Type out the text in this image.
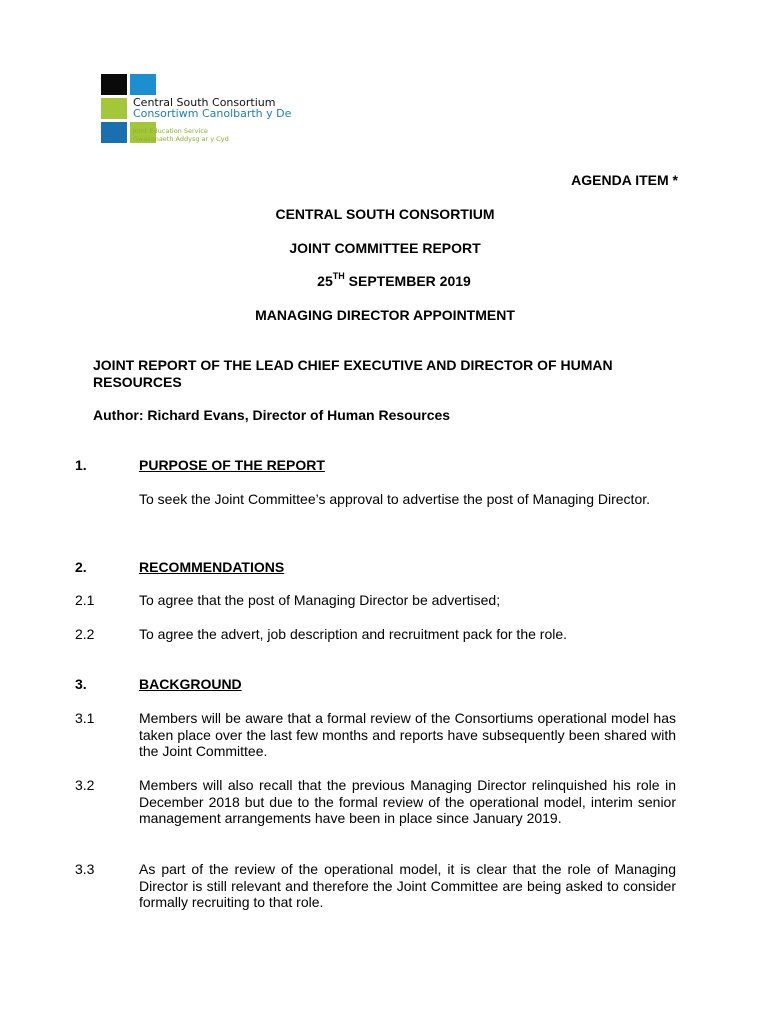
Central South Consortium
Consortiwm Canolbarth y De
Joint Education Service
Gwasanaeth Addysg ar y Cyd
AGENDA ITEM *
CENTRAL SOUTH CONSORTIUM
JOINT COMMITTEE REPORT
25TH SEPTEMBER 2019
MANAGING DIRECTOR APPOINTMENT
JOINT REPORT OF THE LEAD CHIEF EXECUTIVE AND DIRECTOR OF HUMAN RESOURCES
Author: Richard Evans, Director of Human Resources
1.	PURPOSE OF THE REPORT
To seek the Joint Committee’s approval to advertise the post of Managing Director.
2.	RECOMMENDATIONS
2.1	To agree that the post of Managing Director be advertised;
2.2	To agree the advert, job description and recruitment pack for the role.
3.	BACKGROUND
3.1	Members will be aware that a formal review of the Consortiums operational model has taken place over the last few months and reports have subsequently been shared with the Joint Committee.
3.2	Members will also recall that the previous Managing Director relinquished his role in December 2018 but due to the formal review of the operational model, interim senior management arrangements have been in place since January 2019.
3.3	As part of the review of the operational model, it is clear that the role of Managing Director is still relevant and therefore the Joint Committee are being asked to consider formally recruiting to that role.
